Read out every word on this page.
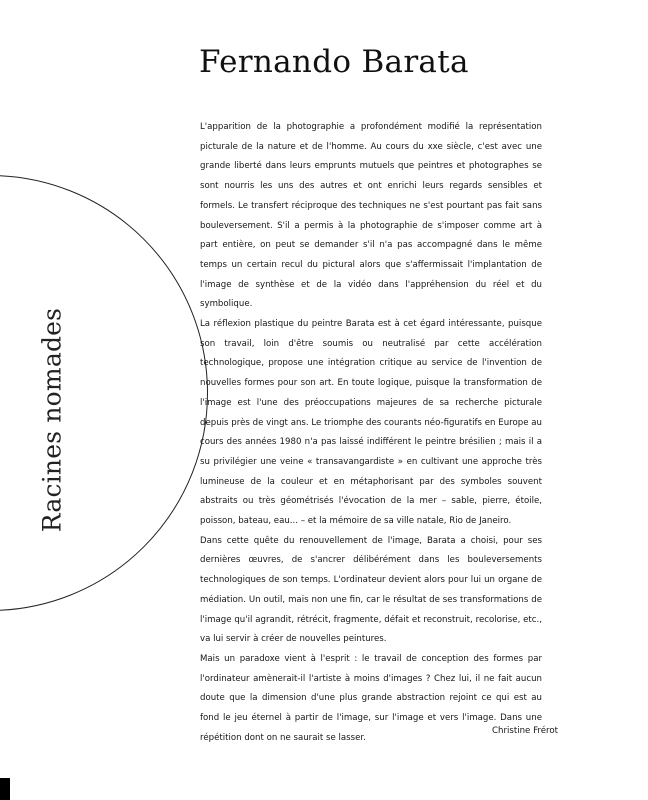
Fernando Barata
Racines nomades

L'apparition de la photographie a profondément modifié la représentation picturale de la nature et de l'homme. Au cours du xxe siècle, c'est avec une grande liberté dans leurs emprunts mutuels que peintres et photographes se sont nourris les uns des autres et ont enrichi leurs regards sensibles et formels. Le transfert réciproque des techniques ne s'est pourtant pas fait sans bouleversement. S'il a permis à la photographie de s'imposer comme art à part entière, on peut se demander s'il n'a pas accompagné dans le même temps un certain recul du pictural alors que s'affermissait l'implantation de l'image de synthèse et de la vidéo dans l'appréhension du réel et du symbolique.

La réflexion plastique du peintre Barata est à cet égard intéressante, puisque son travail, loin d'être soumis ou neutralisé par cette accélération technologique, propose une intégration critique au service de l'invention de nouvelles formes pour son art. En toute logique, puisque la transformation de l'image est l'une des préoccupations majeures de sa recherche picturale depuis près de vingt ans. Le triomphe des courants néo-figuratifs en Europe au cours des années 1980 n'a pas laissé indifférent le peintre brésilien ; mais il a su privilégier une veine « transavangardiste » en cultivant une approche très lumineuse de la couleur et en métaphorisant par des symboles souvent abstraits ou très géométrisés l'évocation de la mer – sable, pierre, étoile, poisson, bateau, eau... – et la mémoire de sa ville natale, Rio de Janeiro.

Dans cette quête du renouvellement de l'image, Barata a choisi, pour ses dernières œuvres, de s'ancrer délibérément dans les bouleversements technologiques de son temps. L'ordinateur devient alors pour lui un organe de médiation. Un outil, mais non une fin, car le résultat de ses transformations de l'image qu'il agrandit, rétrécit, fragmente, défait et reconstruit, recolorise, etc., va lui servir à créer de nouvelles peintures.

Mais un paradoxe vient à l'esprit : le travail de conception des formes par l'ordinateur amènerait-il l'artiste à moins d'images ? Chez lui, il ne fait aucun doute que la dimension d'une plus grande abstraction rejoint ce qui est au fond le jeu éternel à partir de l'image, sur l'image et vers l'image. Dans une répétition dont on ne saurait se lasser.

Christine Frérot
